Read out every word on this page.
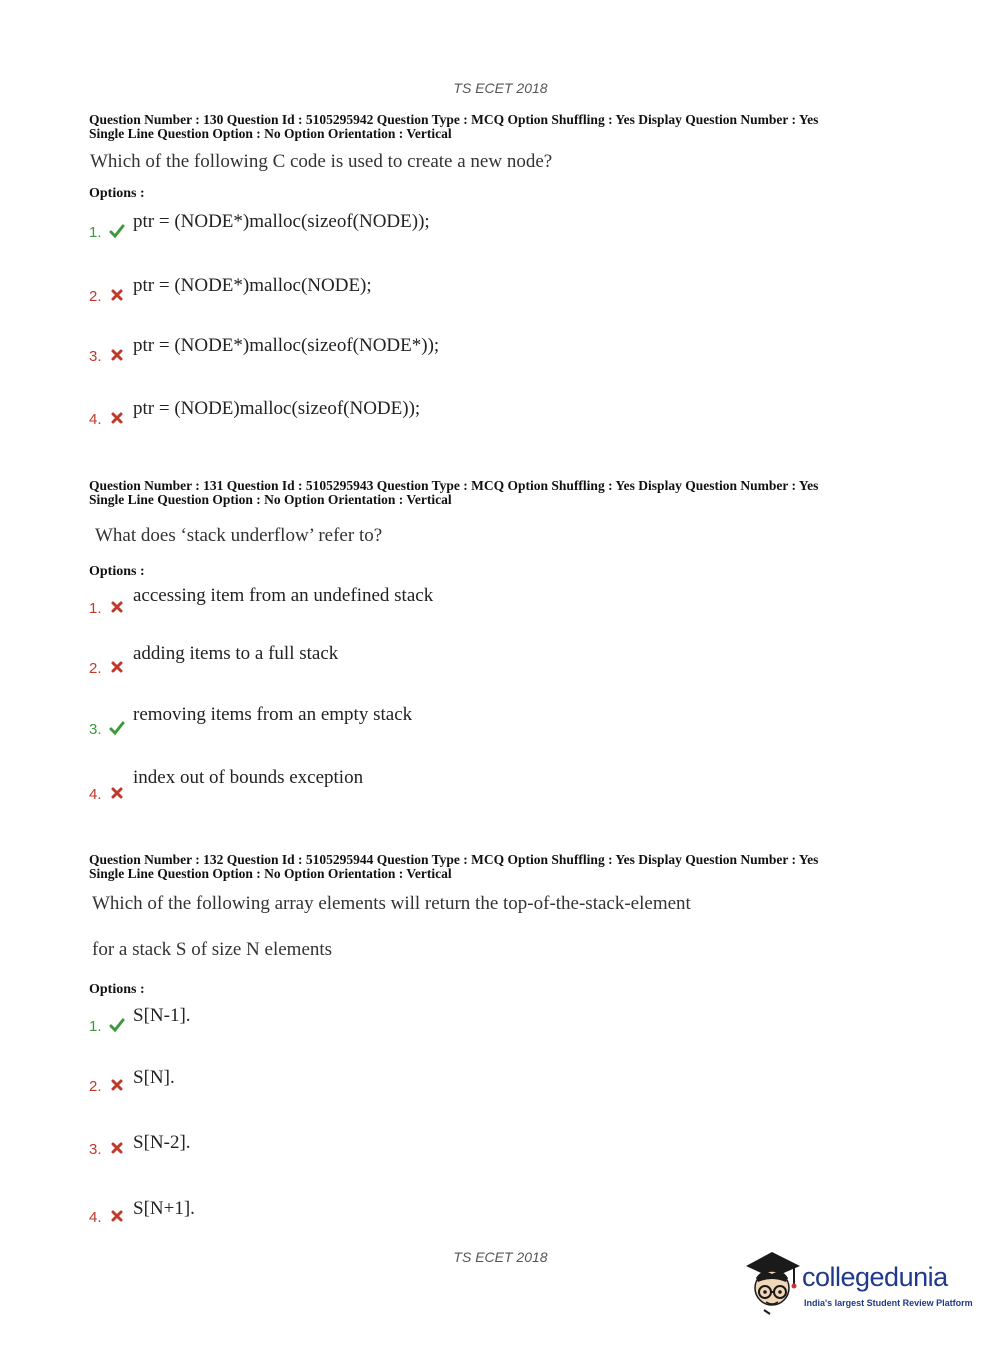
TS ECET 2018
Question Number : 130 Question Id : 5105295942 Question Type : MCQ Option Shuffling : Yes Display Question Number : Yes
Single Line Question Option : No Option Orientation : Vertical
Which of the following C code is used to create a new node?
Options :
1.
ptr = (NODE*)malloc(sizeof(NODE));
2.
ptr = (NODE*)malloc(NODE);
3.
ptr = (NODE*)malloc(sizeof(NODE*));
4.
ptr = (NODE)malloc(sizeof(NODE));
Question Number : 131 Question Id : 5105295943 Question Type : MCQ Option Shuffling : Yes Display Question Number : Yes
Single Line Question Option : No Option Orientation : Vertical
What does ‘stack underflow’ refer to?
Options :
1.
accessing item from an undefined stack
2.
adding items to a full stack
3.
removing items from an empty stack
4.
index out of bounds exception
Question Number : 132 Question Id : 5105295944 Question Type : MCQ Option Shuffling : Yes Display Question Number : Yes
Single Line Question Option : No Option Orientation : Vertical
Which of the following array elements will return the top-of-the-stack-element
for a stack S of size N elements
Options :
1.
S[N-1].
2. S[N].
3. S[N-2].
4. S[N+1].
TS ECET 2018
collegedunia
India's largest Student Review Platform
